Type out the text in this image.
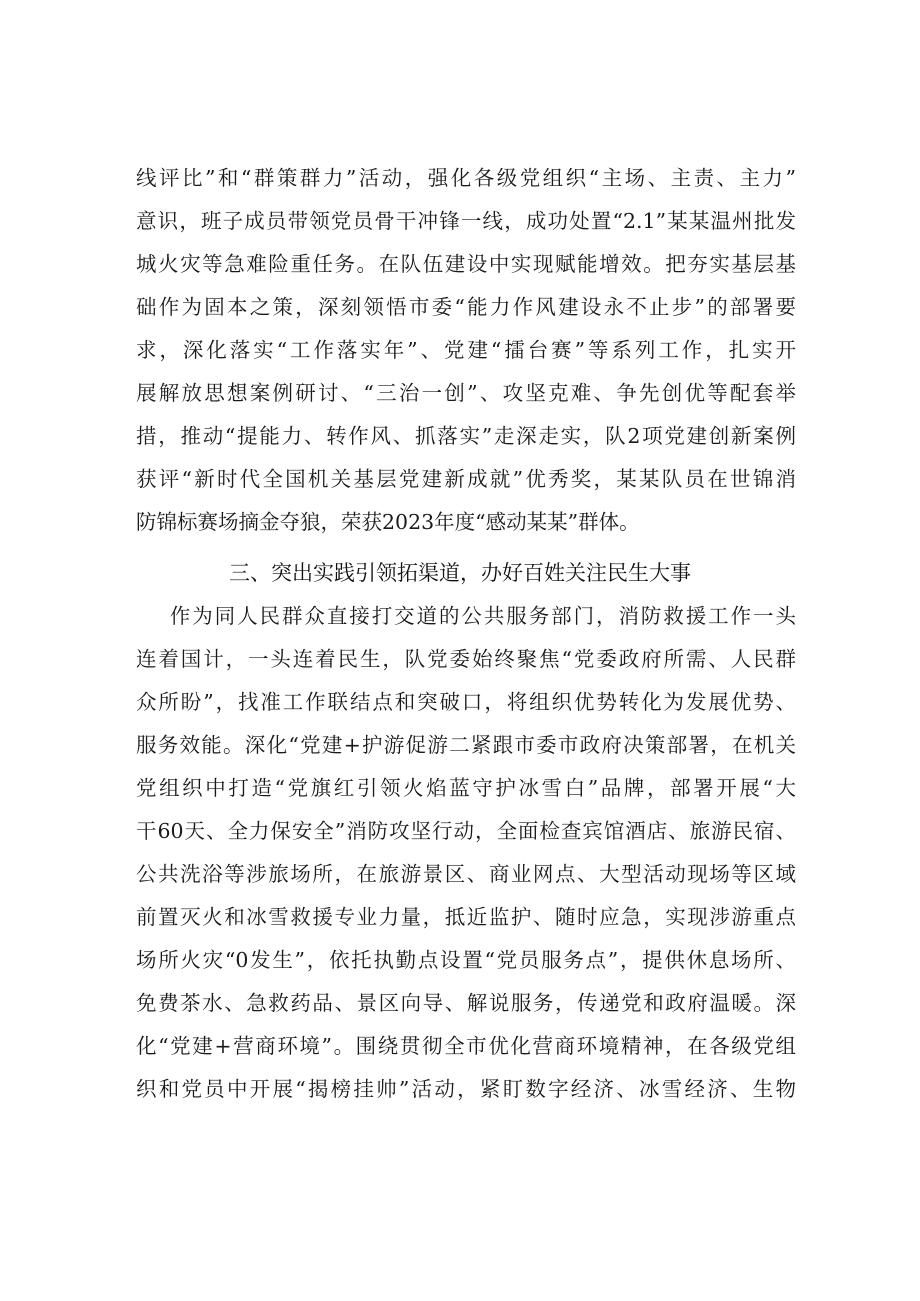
线评比”和“群策群力”活动，强化各级党组织“主场、主责、主力”
意识，班子成员带领党员骨干冲锋一线，成功处置“2.1”某某温州批发
城火灾等急难险重任务。在队伍建设中实现赋能增效。把夯实基层基
础作为固本之策，深刻领悟市委“能力作风建设永不止步”的部署要
求，深化落实“工作落实年”、党建“擂台赛”等系列工作，扎实开
展解放思想案例研讨、“三治一创”、攻坚克难、争先创优等配套举
措，推动“提能力、转作风、抓落实”走深走实，队2项党建创新案例
获评“新时代全国机关基层党建新成就”优秀奖，某某队员在世锦消
防锦标赛场摘金夺狼，荣获2023年度“感动某某”群体。
三、突出实践引领拓渠道，办好百姓关注民生大事
作为同人民群众直接打交道的公共服务部门，消防救援工作一头
连着国计，一头连着民生，队党委始终聚焦“党委政府所需、人民群
众所盼”，找准工作联结点和突破口，将组织优势转化为发展优势、
服务效能。深化“党建+护游促游二紧跟市委市政府决策部署，在机关
党组织中打造“党旗红引领火焰蓝守护冰雪白”品牌，部署开展“大
干60天、全力保安全”消防攻坚行动，全面检查宾馆酒店、旅游民宿、
公共洗浴等涉旅场所，在旅游景区、商业网点、大型活动现场等区域
前置灭火和冰雪救援专业力量，抵近监护、随时应急，实现涉游重点
场所火灾“0发生”，依托执勤点设置“党员服务点”，提供休息场所、
免费茶水、急救药品、景区向导、解说服务，传递党和政府温暖。深
化“党建+营商环境”。围绕贯彻全市优化营商环境精神，在各级党组
织和党员中开展“揭榜挂帅”活动，紧盯数字经济、冰雪经济、生物
